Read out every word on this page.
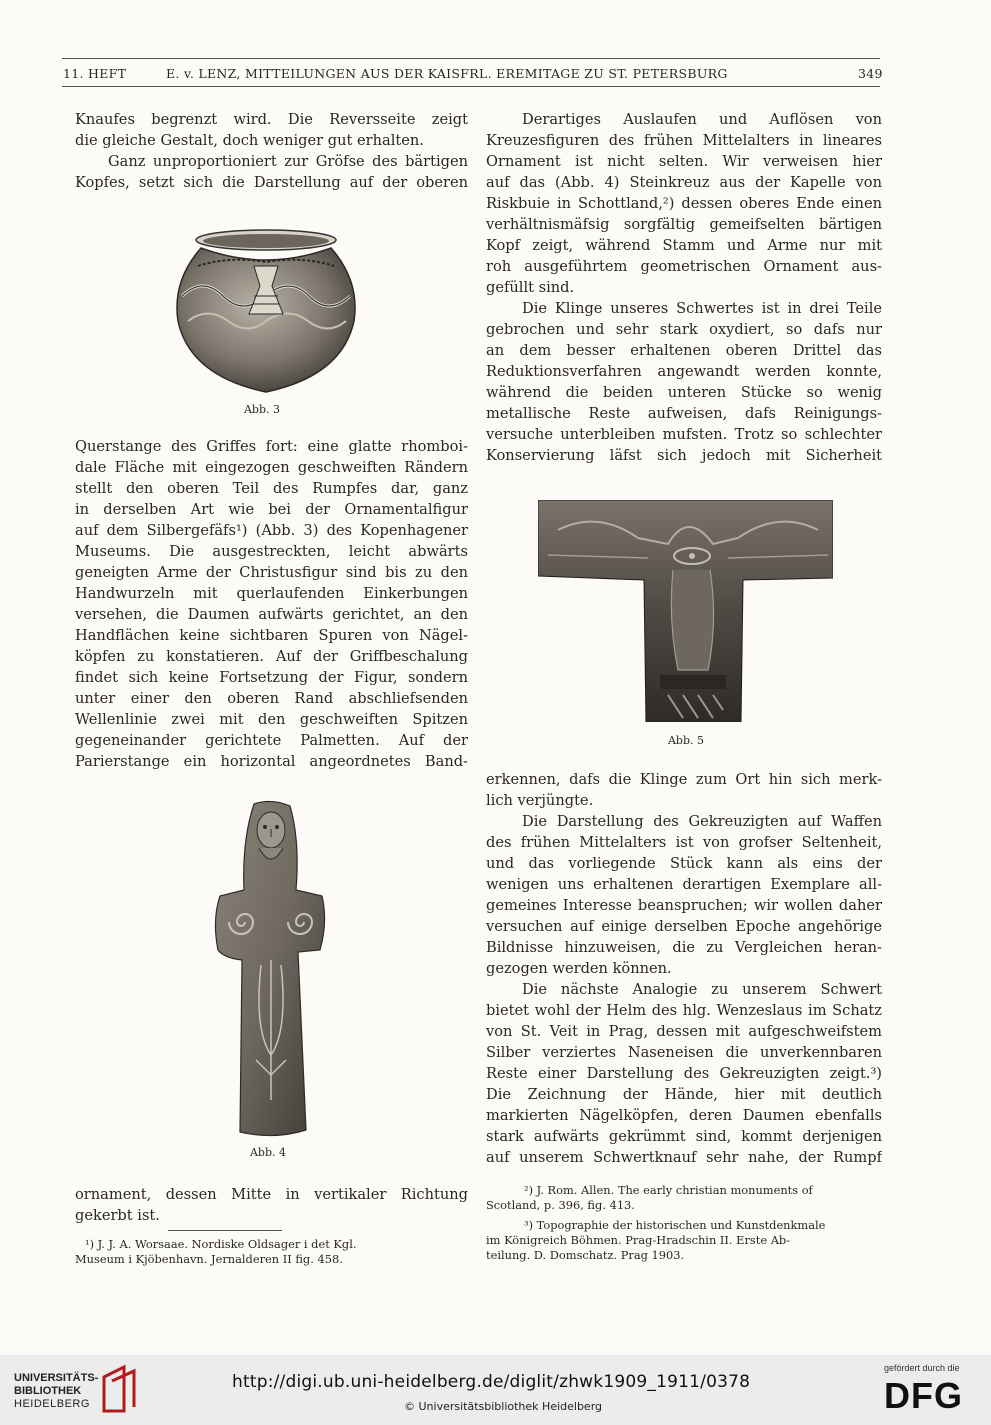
11. HEFT	E. v. LENZ, MITTEILUNGEN AUS DER KAISFRL. EREMITAGE ZU ST. PETERSBURG	349
Knaufes begrenzt wird. Die Reversseite zeigt
die gleiche Gestalt, doch weniger gut erhalten.
Ganz unproportioniert zur Gröfse des bärtigen
Kopfes, setzt sich die Darstellung auf der oberen
Abb. 3
Querstange des Griffes fort: eine glatte rhomboi-
dale Fläche mit eingezogen geschweiften Rändern
stellt den oberen Teil des Rumpfes dar, ganz
in derselben Art wie bei der Ornamentalfigur
auf dem Silbergefäfs¹) (Abb. 3) des Kopenhagener
Museums. Die ausgestreckten, leicht abwärts
geneigten Arme der Christusfigur sind bis zu den
Handwurzeln mit querlaufenden Einkerbungen
versehen, die Daumen aufwärts gerichtet, an den
Handflächen keine sichtbaren Spuren von Nägel-
köpfen zu konstatieren. Auf der Griffbeschalung
findet sich keine Fortsetzung der Figur, sondern
unter einer den oberen Rand abschliefsenden
Wellenlinie zwei mit den geschweiften Spitzen
gegeneinander gerichtete Palmetten. Auf der
Parierstange ein horizontal angeordnetes Band-
Abb. 4
ornament, dessen Mitte in vertikaler Richtung
gekerbt ist.
¹) J. J. A. Worsaae. Nordiske Oldsager i det Kgl.
Museum i Kjöbenhavn. Jernalderen II fig. 458.
Derartiges Auslaufen und Auflösen von
Kreuzesfiguren des frühen Mittelalters in lineares
Ornament ist nicht selten. Wir verweisen hier
auf das (Abb. 4) Steinkreuz aus der Kapelle von
Riskbuie in Schottland,²) dessen oberes Ende einen
verhältnismäfsig sorgfältig gemeifselten bärtigen
Kopf zeigt, während Stamm und Arme nur mit
roh ausgeführtem geometrischen Ornament aus-
gefüllt sind.
Die Klinge unseres Schwertes ist in drei Teile
gebrochen und sehr stark oxydiert, so dafs nur
an dem besser erhaltenen oberen Drittel das
Reduktionsverfahren angewandt werden konnte,
während die beiden unteren Stücke so wenig
metallische Reste aufweisen, dafs Reinigungs-
versuche unterbleiben mufsten. Trotz so schlechter
Konservierung läfst sich jedoch mit Sicherheit
Abb. 5
erkennen, dafs die Klinge zum Ort hin sich merk-
lich verjüngte.
Die Darstellung des Gekreuzigten auf Waffen
des frühen Mittelalters ist von grofser Seltenheit,
und das vorliegende Stück kann als eins der
wenigen uns erhaltenen derartigen Exemplare all-
gemeines Interesse beanspruchen; wir wollen daher
versuchen auf einige derselben Epoche angehörige
Bildnisse hinzuweisen, die zu Vergleichen heran-
gezogen werden können.
Die nächste Analogie zu unserem Schwert
bietet wohl der Helm des hlg. Wenzeslaus im Schatz
von St. Veit in Prag, dessen mit aufgeschweifstem
Silber verziertes Naseneisen die unverkennbaren
Reste einer Darstellung des Gekreuzigten zeigt.³)
Die Zeichnung der Hände, hier mit deutlich
markierten Nägelköpfen, deren Daumen ebenfalls
stark aufwärts gekrümmt sind, kommt derjenigen
auf unserem Schwertknauf sehr nahe, der Rumpf
²) J. Rom. Allen. The early christian monuments of
Scotland, p. 396, fig. 413.
³) Topographie der historischen und Kunstdenkmale
im Königreich Böhmen. Prag-Hradschin II. Erste Ab-
teilung. D. Domschatz. Prag 1903.
UNIVERSITÄTS-
BIBLIOTHEK
HEIDELBERG
http://digi.ub.uni-heidelberg.de/diglit/zhwk1909_1911/0378
© Universitätsbibliothek Heidelberg
gefördert durch die
DFG
